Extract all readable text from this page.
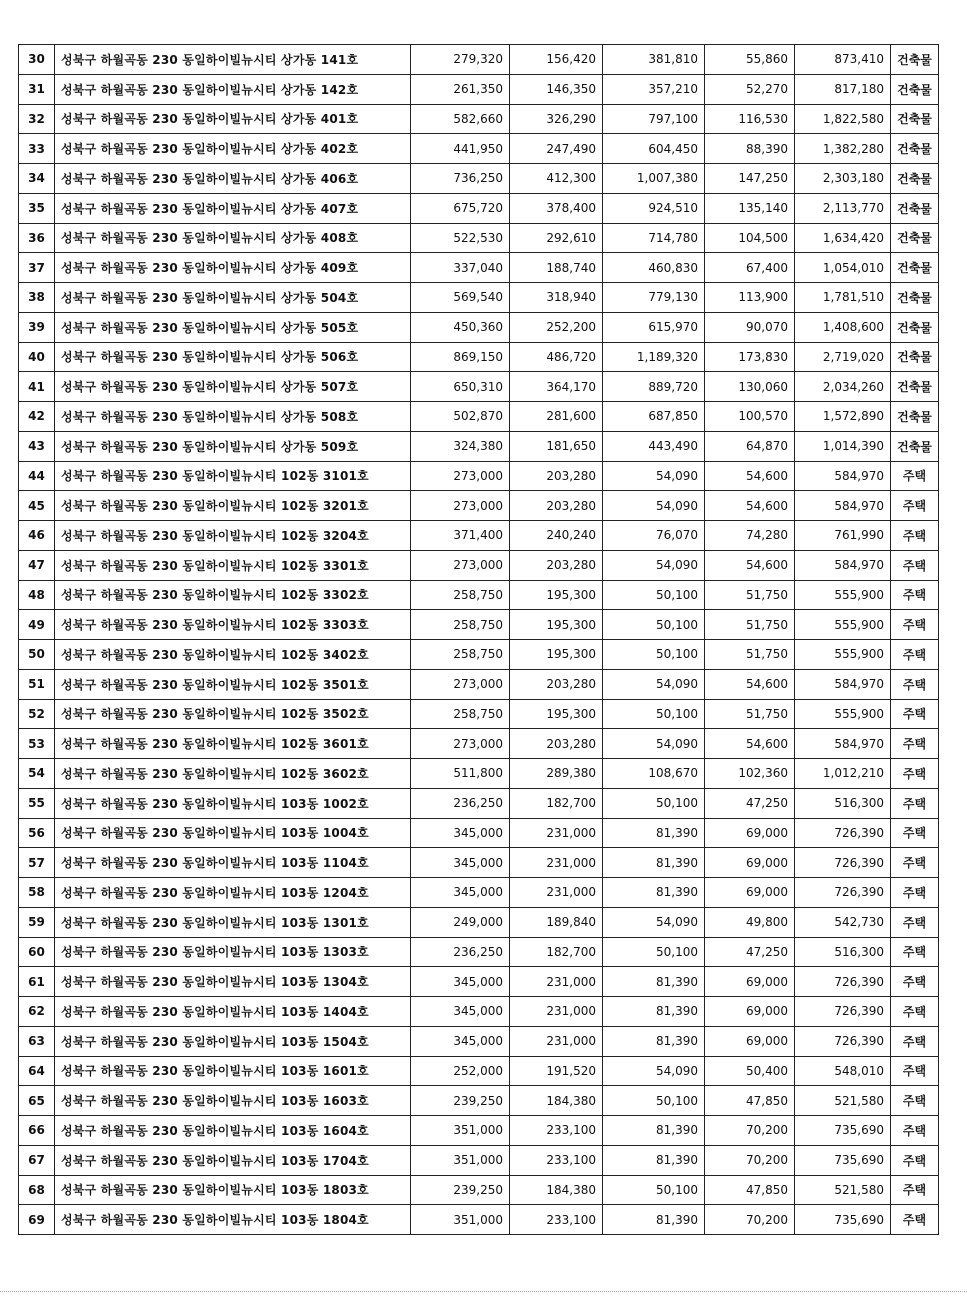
30	성북구 하월곡동 230 동일하이빌뉴시티 상가동 141호	279,320	156,420	381,810	55,860	873,410	건축물
31	성북구 하월곡동 230 동일하이빌뉴시티 상가동 142호	261,350	146,350	357,210	52,270	817,180	건축물
32	성북구 하월곡동 230 동일하이빌뉴시티 상가동 401호	582,660	326,290	797,100	116,530	1,822,580	건축물
33	성북구 하월곡동 230 동일하이빌뉴시티 상가동 402호	441,950	247,490	604,450	88,390	1,382,280	건축물
34	성북구 하월곡동 230 동일하이빌뉴시티 상가동 406호	736,250	412,300	1,007,380	147,250	2,303,180	건축물
35	성북구 하월곡동 230 동일하이빌뉴시티 상가동 407호	675,720	378,400	924,510	135,140	2,113,770	건축물
36	성북구 하월곡동 230 동일하이빌뉴시티 상가동 408호	522,530	292,610	714,780	104,500	1,634,420	건축물
37	성북구 하월곡동 230 동일하이빌뉴시티 상가동 409호	337,040	188,740	460,830	67,400	1,054,010	건축물
38	성북구 하월곡동 230 동일하이빌뉴시티 상가동 504호	569,540	318,940	779,130	113,900	1,781,510	건축물
39	성북구 하월곡동 230 동일하이빌뉴시티 상가동 505호	450,360	252,200	615,970	90,070	1,408,600	건축물
40	성북구 하월곡동 230 동일하이빌뉴시티 상가동 506호	869,150	486,720	1,189,320	173,830	2,719,020	건축물
41	성북구 하월곡동 230 동일하이빌뉴시티 상가동 507호	650,310	364,170	889,720	130,060	2,034,260	건축물
42	성북구 하월곡동 230 동일하이빌뉴시티 상가동 508호	502,870	281,600	687,850	100,570	1,572,890	건축물
43	성북구 하월곡동 230 동일하이빌뉴시티 상가동 509호	324,380	181,650	443,490	64,870	1,014,390	건축물
44	성북구 하월곡동 230 동일하이빌뉴시티 102동 3101호	273,000	203,280	54,090	54,600	584,970	주택
45	성북구 하월곡동 230 동일하이빌뉴시티 102동 3201호	273,000	203,280	54,090	54,600	584,970	주택
46	성북구 하월곡동 230 동일하이빌뉴시티 102동 3204호	371,400	240,240	76,070	74,280	761,990	주택
47	성북구 하월곡동 230 동일하이빌뉴시티 102동 3301호	273,000	203,280	54,090	54,600	584,970	주택
48	성북구 하월곡동 230 동일하이빌뉴시티 102동 3302호	258,750	195,300	50,100	51,750	555,900	주택
49	성북구 하월곡동 230 동일하이빌뉴시티 102동 3303호	258,750	195,300	50,100	51,750	555,900	주택
50	성북구 하월곡동 230 동일하이빌뉴시티 102동 3402호	258,750	195,300	50,100	51,750	555,900	주택
51	성북구 하월곡동 230 동일하이빌뉴시티 102동 3501호	273,000	203,280	54,090	54,600	584,970	주택
52	성북구 하월곡동 230 동일하이빌뉴시티 102동 3502호	258,750	195,300	50,100	51,750	555,900	주택
53	성북구 하월곡동 230 동일하이빌뉴시티 102동 3601호	273,000	203,280	54,090	54,600	584,970	주택
54	성북구 하월곡동 230 동일하이빌뉴시티 102동 3602호	511,800	289,380	108,670	102,360	1,012,210	주택
55	성북구 하월곡동 230 동일하이빌뉴시티 103동 1002호	236,250	182,700	50,100	47,250	516,300	주택
56	성북구 하월곡동 230 동일하이빌뉴시티 103동 1004호	345,000	231,000	81,390	69,000	726,390	주택
57	성북구 하월곡동 230 동일하이빌뉴시티 103동 1104호	345,000	231,000	81,390	69,000	726,390	주택
58	성북구 하월곡동 230 동일하이빌뉴시티 103동 1204호	345,000	231,000	81,390	69,000	726,390	주택
59	성북구 하월곡동 230 동일하이빌뉴시티 103동 1301호	249,000	189,840	54,090	49,800	542,730	주택
60	성북구 하월곡동 230 동일하이빌뉴시티 103동 1303호	236,250	182,700	50,100	47,250	516,300	주택
61	성북구 하월곡동 230 동일하이빌뉴시티 103동 1304호	345,000	231,000	81,390	69,000	726,390	주택
62	성북구 하월곡동 230 동일하이빌뉴시티 103동 1404호	345,000	231,000	81,390	69,000	726,390	주택
63	성북구 하월곡동 230 동일하이빌뉴시티 103동 1504호	345,000	231,000	81,390	69,000	726,390	주택
64	성북구 하월곡동 230 동일하이빌뉴시티 103동 1601호	252,000	191,520	54,090	50,400	548,010	주택
65	성북구 하월곡동 230 동일하이빌뉴시티 103동 1603호	239,250	184,380	50,100	47,850	521,580	주택
66	성북구 하월곡동 230 동일하이빌뉴시티 103동 1604호	351,000	233,100	81,390	70,200	735,690	주택
67	성북구 하월곡동 230 동일하이빌뉴시티 103동 1704호	351,000	233,100	81,390	70,200	735,690	주택
68	성북구 하월곡동 230 동일하이빌뉴시티 103동 1803호	239,250	184,380	50,100	47,850	521,580	주택
69	성북구 하월곡동 230 동일하이빌뉴시티 103동 1804호	351,000	233,100	81,390	70,200	735,690	주택
